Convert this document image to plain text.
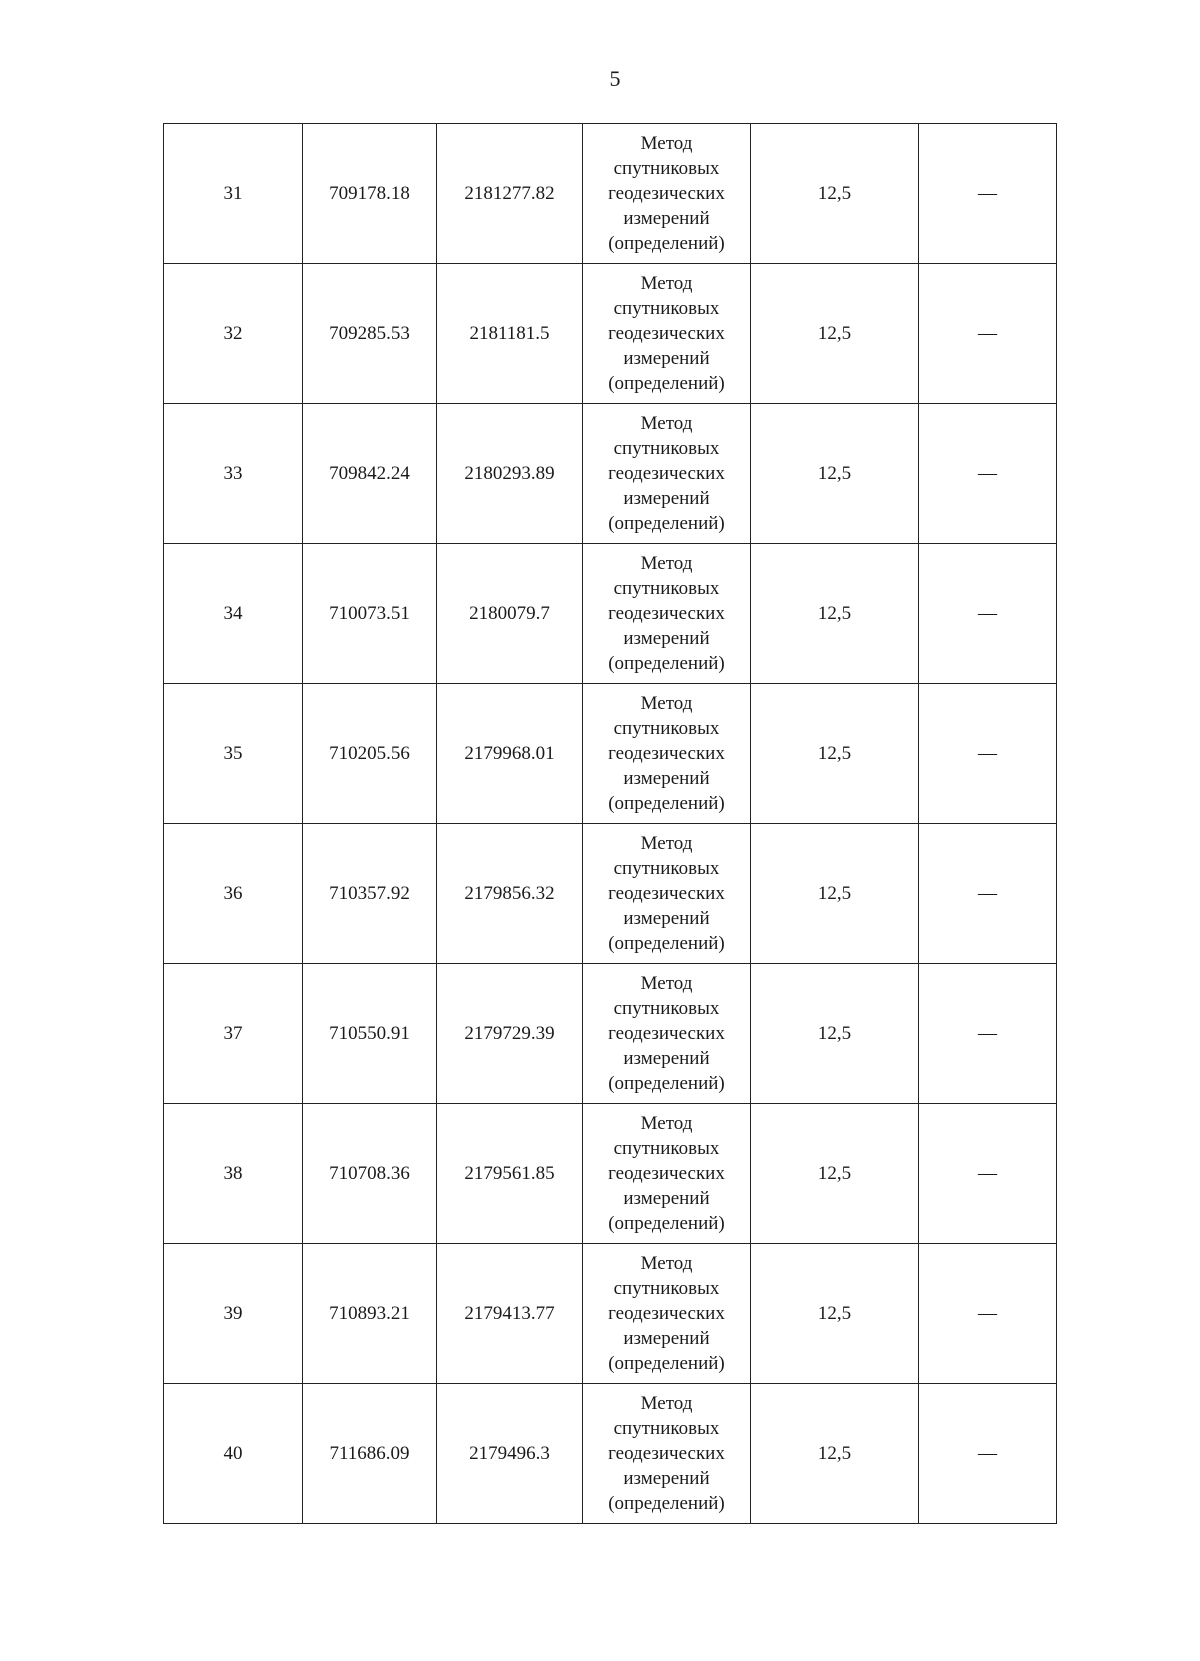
5
31	709178.18	2181277.82	Метод
спутниковых
геодезических
измерений
(определений)	12,5	—
32	709285.53	2181181.5	Метод
спутниковых
геодезических
измерений
(определений)	12,5	—
33	709842.24	2180293.89	Метод
спутниковых
геодезических
измерений
(определений)	12,5	—
34	710073.51	2180079.7	Метод
спутниковых
геодезических
измерений
(определений)	12,5	—
35	710205.56	2179968.01	Метод
спутниковых
геодезических
измерений
(определений)	12,5	—
36	710357.92	2179856.32	Метод
спутниковых
геодезических
измерений
(определений)	12,5	—
37	710550.91	2179729.39	Метод
спутниковых
геодезических
измерений
(определений)	12,5	—
38	710708.36	2179561.85	Метод
спутниковых
геодезических
измерений
(определений)	12,5	—
39	710893.21	2179413.77	Метод
спутниковых
геодезических
измерений
(определений)	12,5	—
40	711686.09	2179496.3	Метод
спутниковых
геодезических
измерений
(определений)	12,5	—
